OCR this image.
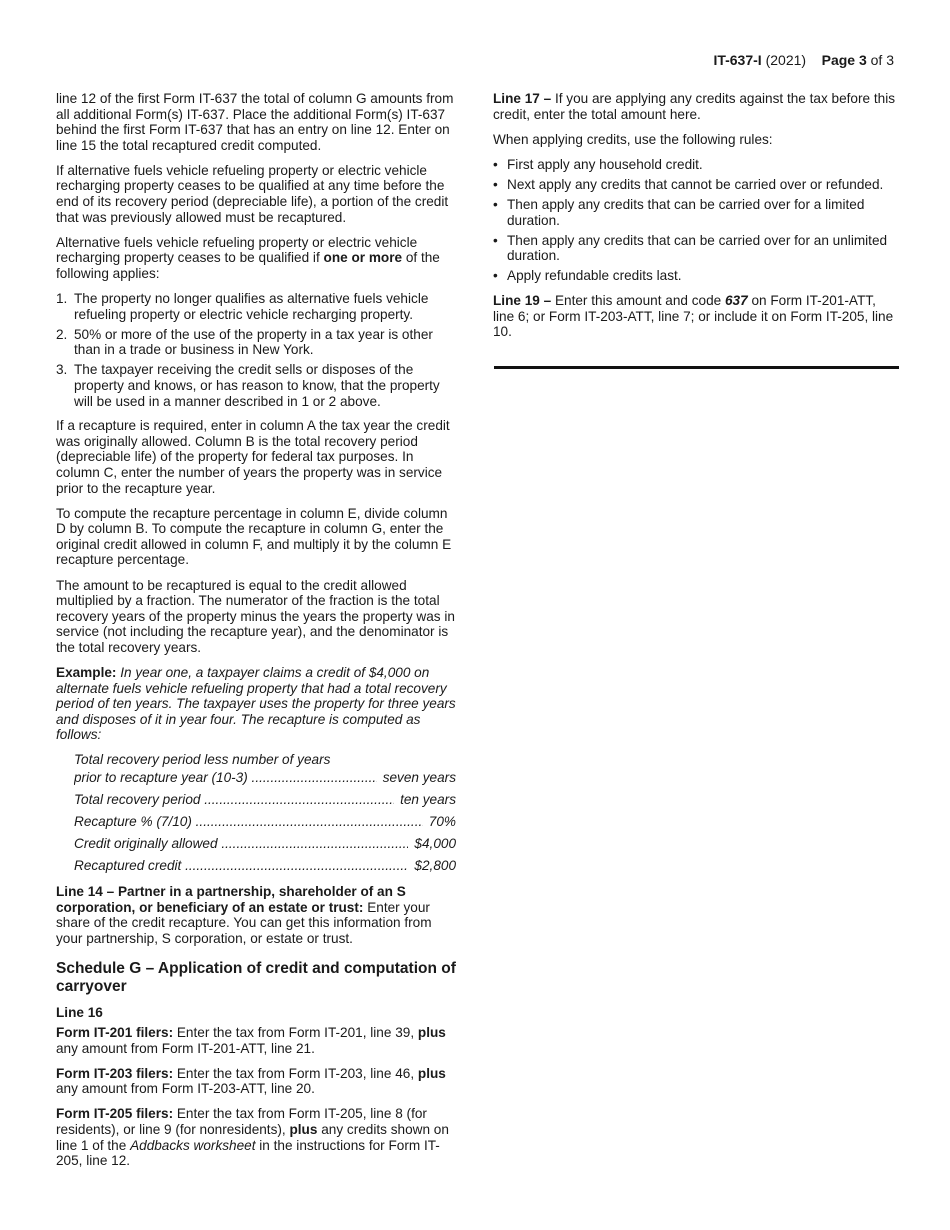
IT-637-I (2021) Page 3 of 3

line 12 of the first Form IT-637 the total of column G amounts from all additional Form(s) IT-637. Place the additional Form(s) IT-637 behind the first Form IT-637 that has an entry on line 12. Enter on line 15 the total recaptured credit computed.

If alternative fuels vehicle refueling property or electric vehicle recharging property ceases to be qualified at any time before the end of its recovery period (depreciable life), a portion of the credit that was previously allowed must be recaptured.

Alternative fuels vehicle refueling property or electric vehicle recharging property ceases to be qualified if one or more of the following applies:

1. The property no longer qualifies as alternative fuels vehicle refueling property or electric vehicle recharging property.
2. 50% or more of the use of the property in a tax year is other than in a trade or business in New York.
3. The taxpayer receiving the credit sells or disposes of the property and knows, or has reason to know, that the property will be used in a manner described in 1 or 2 above.

If a recapture is required, enter in column A the tax year the credit was originally allowed. Column B is the total recovery period (depreciable life) of the property for federal tax purposes. In column C, enter the number of years the property was in service prior to the recapture year.

To compute the recapture percentage in column E, divide column D by column B. To compute the recapture in column G, enter the original credit allowed in column F, and multiply it by the column E recapture percentage.

The amount to be recaptured is equal to the credit allowed multiplied by a fraction. The numerator of the fraction is the total recovery years of the property minus the years the property was in service (not including the recapture year), and the denominator is the total recovery years.

Example: In year one, a taxpayer claims a credit of $4,000 on alternate fuels vehicle refueling property that had a total recovery period of ten years. The taxpayer uses the property for three years and disposes of it in year four. The recapture is computed as follows:

Total recovery period less number of years
prior to recapture year (10-3) .....	seven years
Total recovery period .....	ten years
Recapture % (7/10) .....	70%
Credit originally allowed .....	$4,000
Recaptured credit .....	$2,800

Line 14 – Partner in a partnership, shareholder of an S corporation, or beneficiary of an estate or trust: Enter your share of the credit recapture. You can get this information from your partnership, S corporation, or estate or trust.

Schedule G – Application of credit and computation of carryover
Line 16

Form IT-201 filers: Enter the tax from Form IT-201, line 39, plus any amount from Form IT-201-ATT, line 21.

Form IT-203 filers: Enter the tax from Form IT-203, line 46, plus any amount from Form IT-203-ATT, line 20.

Form IT-205 filers: Enter the tax from Form IT-205, line 8 (for residents), or line 9 (for nonresidents), plus any credits shown on line 1 of the Addbacks worksheet in the instructions for Form IT-205, line 12.

Line 17 – If you are applying any credits against the tax before this credit, enter the total amount here.

When applying credits, use the following rules:

• First apply any household credit.
• Next apply any credits that cannot be carried over or refunded.
• Then apply any credits that can be carried over for a limited duration.
• Then apply any credits that can be carried over for an unlimited duration.
• Apply refundable credits last.

Line 19 – Enter this amount and code 637 on Form IT-201-ATT, line 6; or Form IT-203-ATT, line 7; or include it on Form IT-205, line 10.
